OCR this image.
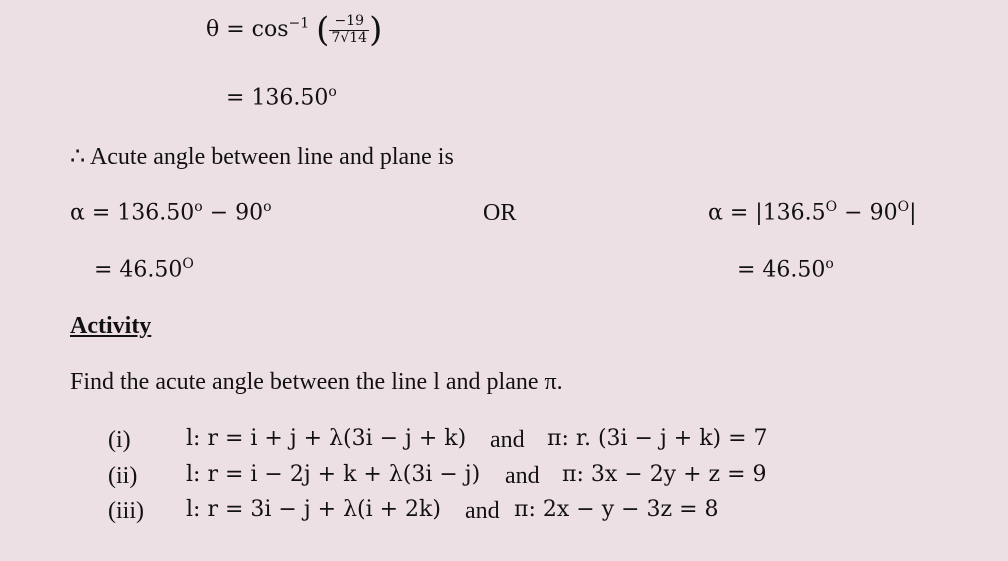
$\theta = \cos^{-1}$ ( $\frac{-19}{7√14}$ )
= $136.50^o$
∴ Acute angle between line and plane is
$\alpha = 136.50^o - 90^o$
= $46.50^O$
OR	$\alpha = |136.5^O - 90^O|$
= $46.50^o$
Activity
Find the acute angle between the line l and plane π.
(i)	l: r = i + j + λ(3i − j + k) and π: r. (3i − j + k) = 7
(ii) l: r = i − 2j + k + λ(3i − j) and π: 3x − 2y + z = 9
(iii) l: r = 3i − j + λ(i + 2k) and π: 2x − y − 3z = 8
